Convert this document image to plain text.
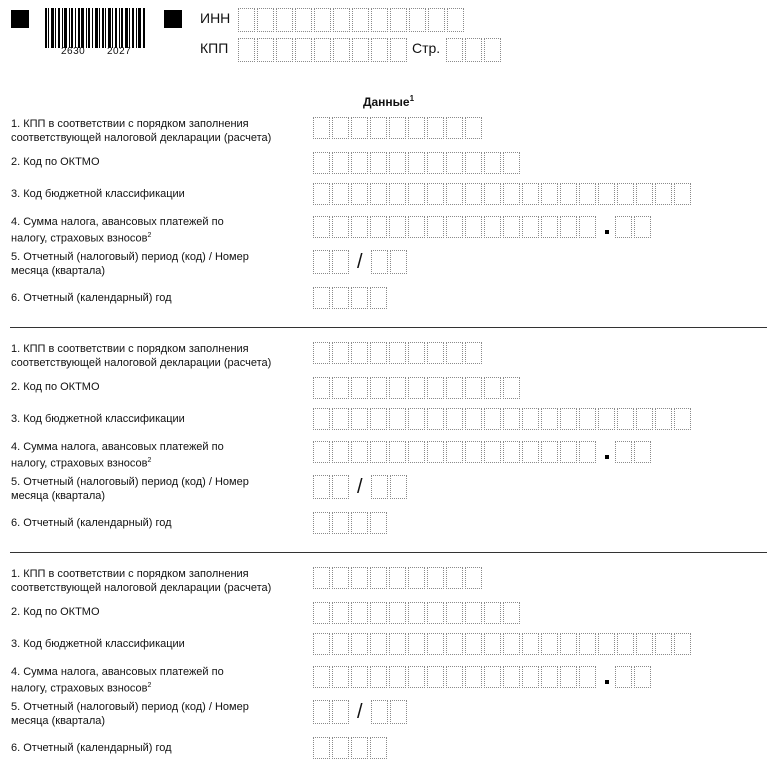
2630 2027
ИНН
КПП	Стр.
Данные$^1$
1. КПП в соответствии с порядком заполнения соответствующей налоговой декларации (расчета)
2. Код по ОКТМО
3. Код бюджетной классификации
4. Сумма налога, авансовых платежей по налогу, страховых взносов$^2$
5. Отчетный (налоговый) период (код) / Номер месяца (квартала)	/
6. Отчетный (календарный) год
1. КПП в соответствии с порядком заполнения соответствующей налоговой декларации (расчета)
2. Код по ОКТМО
3. Код бюджетной классификации
4. Сумма налога, авансовых платежей по налогу, страховых взносов$^2$
5. Отчетный (налоговый) период (код) / Номер месяца (квартала)	/
6. Отчетный (календарный) год
1. КПП в соответствии с порядком заполнения соответствующей налоговой декларации (расчета)
2. Код по ОКТМО
3. Код бюджетной классификации
4. Сумма налога, авансовых платежей по налогу, страховых взносов$^2$
5. Отчетный (налоговый) период (код) / Номер месяца (квартала)	/
6. Отчетный (календарный) год
